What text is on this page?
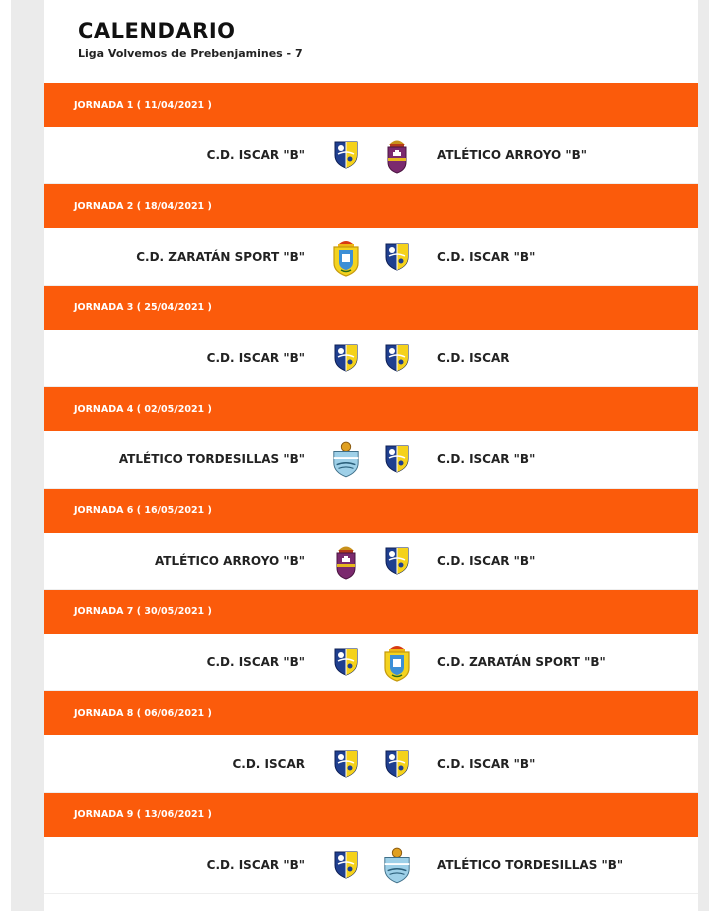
CALENDARIO
Liga Volvemos de Prebenjamines - 7
JORNADA 1 ( 11/04/2021 )
C.D. ISCAR "B"	ATLÉTICO ARROYO "B"
JORNADA 2 ( 18/04/2021 )
C.D. ZARATÁN SPORT "B"	C.D. ISCAR "B"
JORNADA 3 ( 25/04/2021 )
C.D. ISCAR "B"	C.D. ISCAR
JORNADA 4 ( 02/05/2021 )
ATLÉTICO TORDESILLAS "B"	C.D. ISCAR "B"
JORNADA 6 ( 16/05/2021 )
ATLÉTICO ARROYO "B"	C.D. ISCAR "B"
JORNADA 7 ( 30/05/2021 )
C.D. ISCAR "B"	C.D. ZARATÁN SPORT "B"
JORNADA 8 ( 06/06/2021 )
C.D. ISCAR	C.D. ISCAR "B"
JORNADA 9 ( 13/06/2021 )
C.D. ISCAR "B"	ATLÉTICO TORDESILLAS "B"
